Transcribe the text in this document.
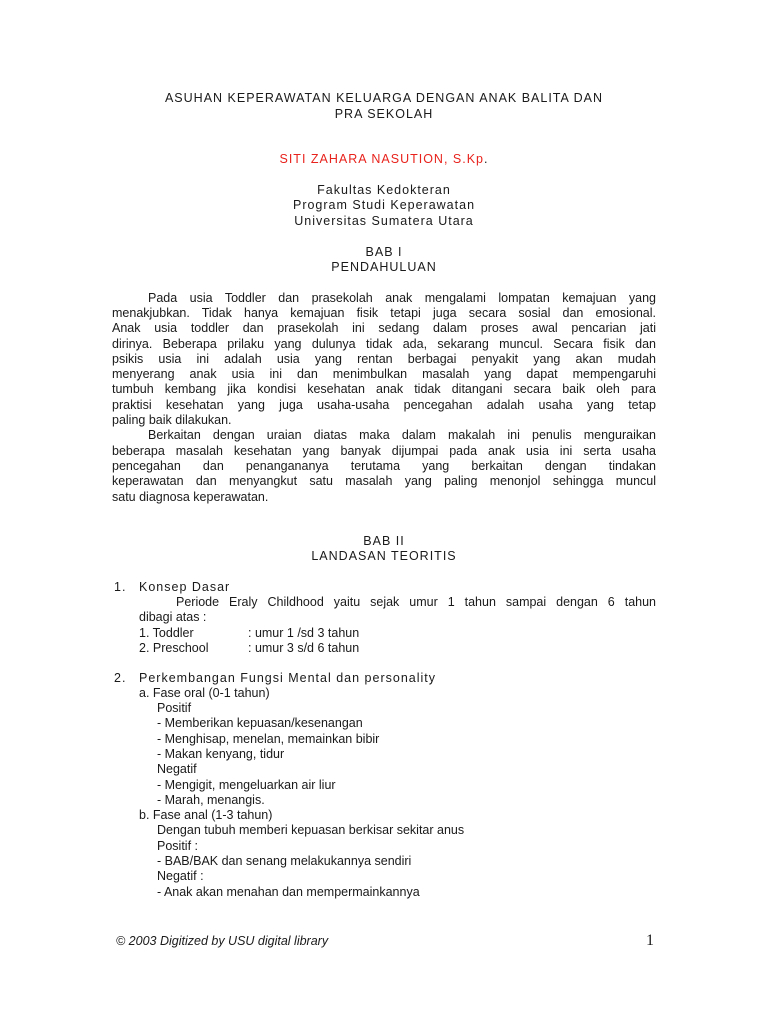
ASUHAN KEPERAWATAN KELUARGA DENGAN ANAK BALITA DAN
PRA SEKOLAH
SITI ZAHARA NASUTION, S.Kp.
Fakultas Kedokteran
Program Studi Keperawatan
Universitas Sumatera Utara
BAB I
PENDAHULUAN
Pada usia Toddler dan prasekolah anak mengalami lompatan kemajuan yang
menakjubkan. Tidak hanya kemajuan fisik tetapi juga secara sosial dan emosional.
Anak usia toddler dan prasekolah ini sedang dalam proses awal pencarian jati
dirinya. Beberapa prilaku yang dulunya tidak ada, sekarang muncul. Secara fisik dan
psikis usia ini adalah usia yang rentan berbagai penyakit yang akan mudah
menyerang anak usia ini dan menimbulkan masalah yang dapat mempengaruhi
tumbuh kembang jika kondisi kesehatan anak tidak ditangani secara baik oleh para
praktisi kesehatan yang juga usaha-usaha pencegahan adalah usaha yang tetap
paling baik dilakukan.
Berkaitan dengan uraian diatas maka dalam makalah ini penulis menguraikan
beberapa masalah kesehatan yang banyak dijumpai pada anak usia ini serta usaha
pencegahan dan penangananya terutama yang berkaitan dengan tindakan
keperawatan dan menyangkut satu masalah yang paling menonjol sehingga muncul
satu diagnosa keperawatan.
BAB II
LANDASAN TEORITIS
1. Konsep Dasar
Periode Eraly Childhood yaitu sejak umur 1 tahun sampai dengan 6 tahun
dibagi atas :
1. Toddler	: umur 1 /sd 3 tahun
2. Preschool	: umur 3 s/d 6 tahun
2. Perkembangan Fungsi Mental dan personality
a. Fase oral (0-1 tahun)
Positif
- Memberikan kepuasan/kesenangan
- Menghisap, menelan, memainkan bibir
- Makan kenyang, tidur
Negatif
- Mengigit, mengeluarkan air liur
- Marah, menangis.
b. Fase anal (1-3 tahun)
Dengan tubuh memberi kepuasan berkisar sekitar anus
Positif :
- BAB/BAK dan senang melakukannya sendiri
Negatif :
- Anak akan menahan dan mempermainkannya
© 2003 Digitized by USU digital library	1
